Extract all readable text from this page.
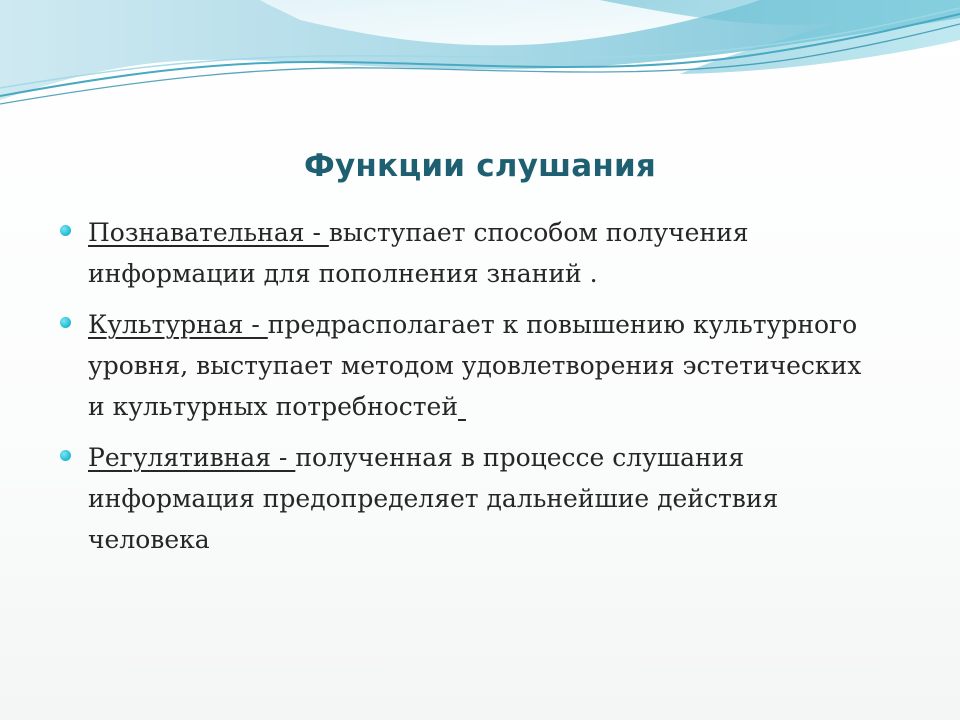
Функции слушания
Познавательная - выступает способом получения информации для пополнения знаний .
Культурная - предрасполагает к повышению культурного уровня, выступает методом удовлетворения эстетических и культурных потребностей
Регулятивная - полученная в процессе слушания информация предопределяет дальнейшие действия человека
